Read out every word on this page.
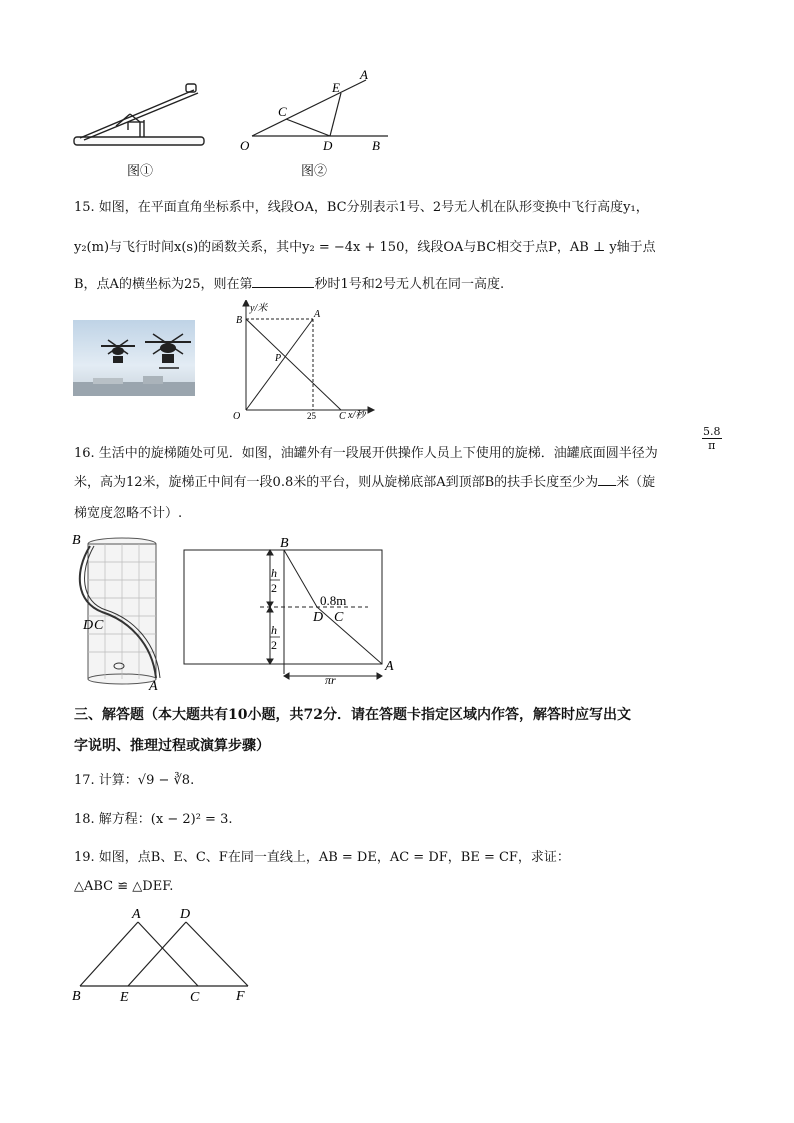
图①
O	B
C
D
E
A
图②
15. 如图，在平面直角坐标系中，线段OA，BC分别表示1号、2号无人机在队形变换中飞行高度y₁，
y₂(m)与飞行时间x(s)的函数关系，其中y₂ = −4x + 150，线段OA与BC相交于点P，AB ⊥ y轴于点
B，点A的横坐标为25，则在第	秒时1号和2号无人机在同一高度.
y/米
x/秒
O
A
B
C
P
25
16. 生活中的旋梯随处可见．如图，油罐外有一段展开供操作人员上下使用的旋梯．油罐底面圆半径为
$\frac{5.8}{\pi}$
米，高为12米，旋梯正中间有一段0.8米的平台，则从旋梯底部A到顶部B的扶手长度至少为 米（旋
梯宽度忽略不计）.
B
D C
A
B
D C
A
0.8m
h
2
h
2
πr
三、解答题（本大题共有10小题，共72分．请在答题卡指定区域内作答，解答时应写出文
字说明、推理过程或演算步骤）
17. 计算：√9 − ∛8.
18. 解方程：(x − 2)² = 3.
19. 如图，点B、E、C、F在同一直线上，AB = DE，AC = DF，BE = CF，求证：
△ABC ≌ △DEF.
A	D
B	E	C	F
